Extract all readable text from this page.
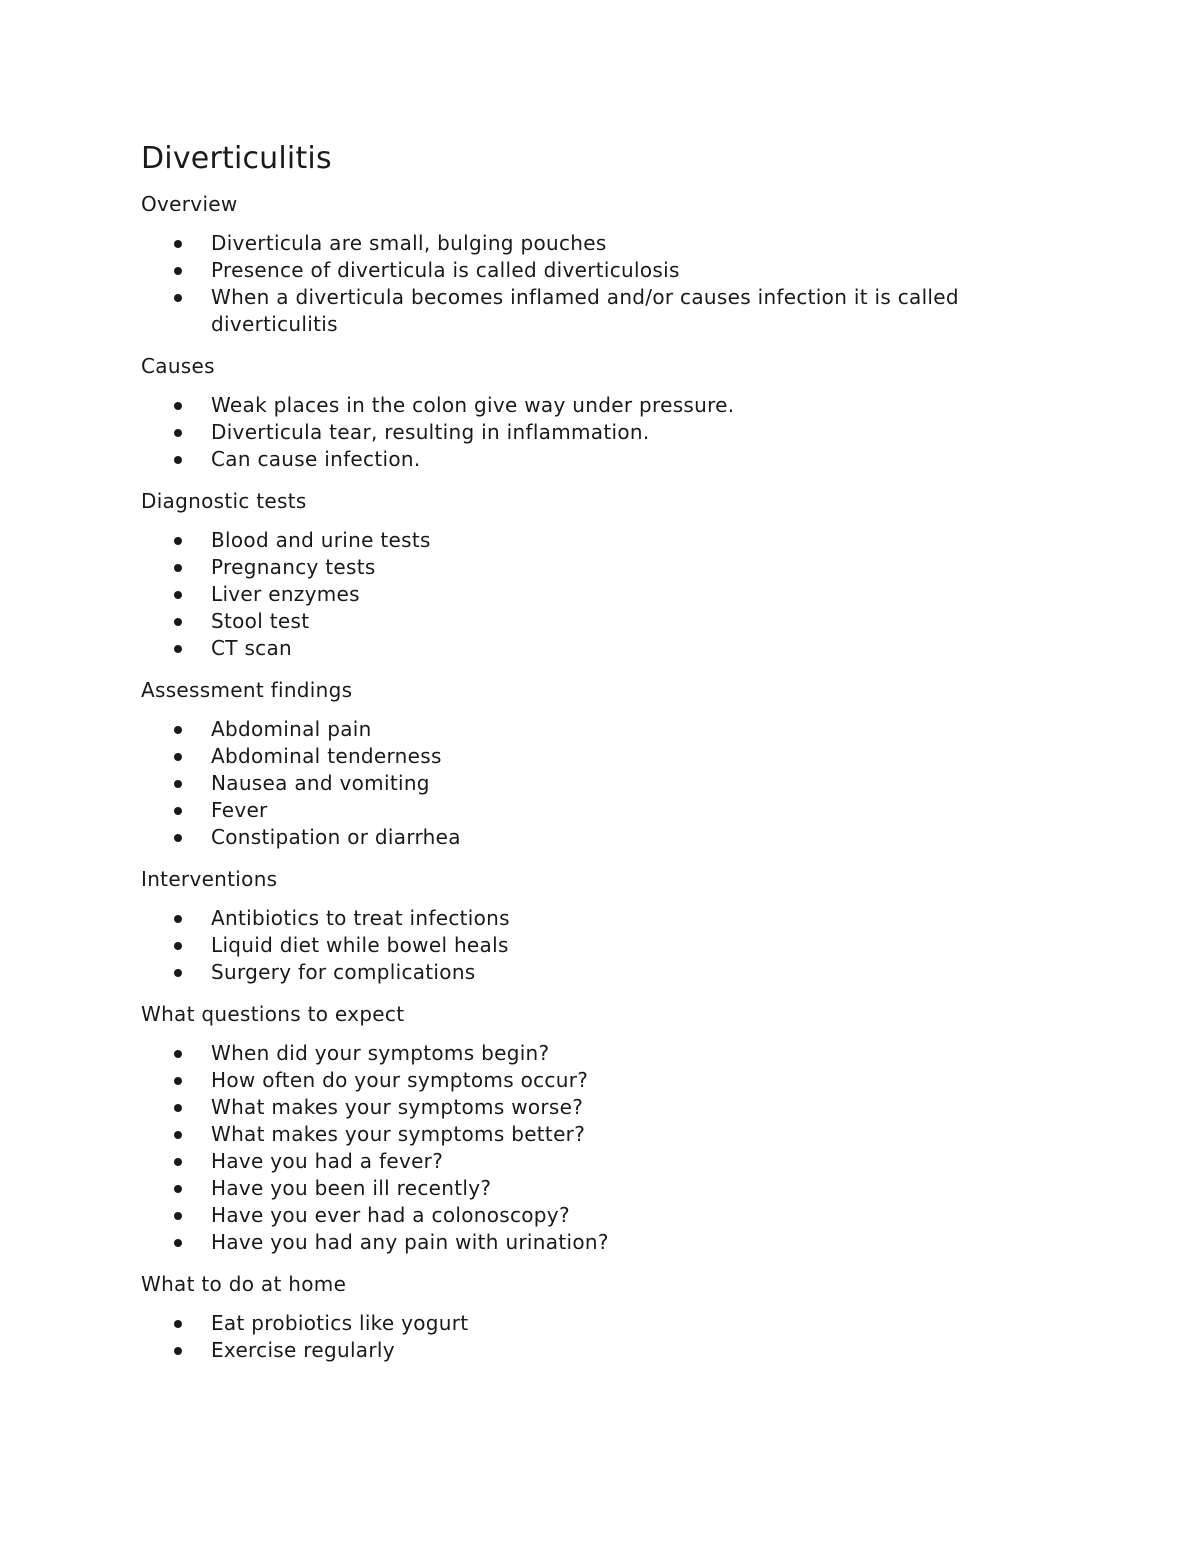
Diverticulitis
Overview
Diverticula are small, bulging pouches
Presence of diverticula is called diverticulosis
When a diverticula becomes inflamed and/or causes infection it is called diverticulitis
Causes
Weak places in the colon give way under pressure.
Diverticula tear, resulting in inflammation.
Can cause infection.
Diagnostic tests
Blood and urine tests
Pregnancy tests
Liver enzymes
Stool test
CT scan
Assessment findings
Abdominal pain
Abdominal tenderness
Nausea and vomiting
Fever
Constipation or diarrhea
Interventions
Antibiotics to treat infections
Liquid diet while bowel heals
Surgery for complications
What questions to expect
When did your symptoms begin?
How often do your symptoms occur?
What makes your symptoms worse?
What makes your symptoms better?
Have you had a fever?
Have you been ill recently?
Have you ever had a colonoscopy?
Have you had any pain with urination?
What to do at home
Eat probiotics like yogurt
Exercise regularly
